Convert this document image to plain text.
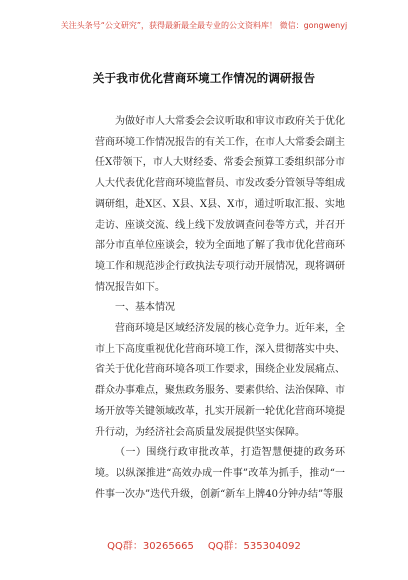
关注头条号“公文研究”，获得最新最全最专业的公文资料库！ 微信：gongwenyj
关于我市优化营商环境工作情况的调研报告

为做好市人大常委会会议听取和审议市政府关于优化营商环境工作情况报告的有关工作，在市人大常委会副主任X带领下，市人大财经委、常委会预算工委组织部分市人大代表优化营商环境监督员、市发改委分管领导等组成调研组，赴X区、X县、X县、X市，通过听取汇报、实地走访、座谈交流、线上线下发放调查问卷等方式，并召开部分市直单位座谈会，较为全面地了解了我市优化营商环境工作和规范涉企行政执法专项行动开展情况，现将调研情况报告如下。

一、基本情况

营商环境是区域经济发展的核心竞争力。近年来，全市上下高度重视优化营商环境工作，深入贯彻落实中央、省关于优化营商环境各项工作要求，围绕企业发展痛点、群众办事难点，聚焦政务服务、要素供给、法治保障、市场开放等关键领域改革，扎实开展新一轮优化营商环境提升行动，为经济社会高质量发展提供坚实保障。

（一）围绕行政审批改革，打造智慧便捷的政务环境。以纵深推进“高效办成一件事”改革为抓手，推动“一件事一次办”迭代升级，创新“新车上牌40分钟办结”等服

QQ群：30265665 QQ群：535304092
